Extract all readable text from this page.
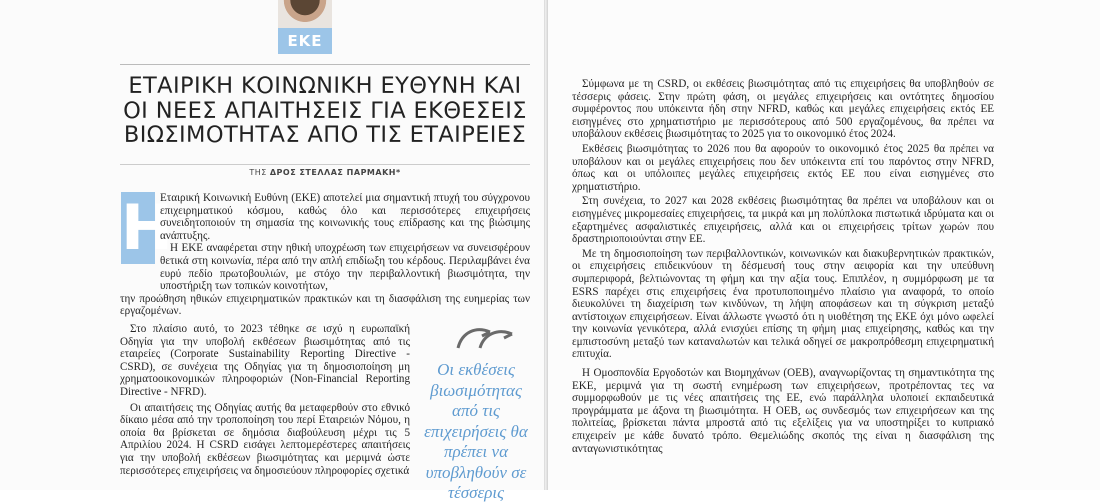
ΕΚΕ
ΕΤΑΙΡΙΚΗ ΚΟΙΝΩΝΙΚΗ ΕΥΘΥΝΗ ΚΑΙ ΟΙ ΝΕΕΣ ΑΠΑΙΤΗΣΕΙΣ ΓΙΑ ΕΚΘΕΣΕΙΣ ΒΙΩΣΙΜΟΤΗΤΑΣ ΑΠΟ ΤΙΣ ΕΤΑΙΡΕΙΕΣ
ΤΗΣ ΔΡΟΣ ΣΤΕΛΛΑΣ ΠΑΡΜΑΚΗ*
Η

Εταιρική Κοινωνική Ευθύνη (ΕΚΕ) αποτελεί μια σημαντική πτυχή του σύγχρονου επιχειρηματικού κόσμου, καθώς όλο και περισσότερες επιχειρήσεις συνειδητοποιούν τη σημασία της κοινωνικής τους επίδρασης και της βιώσιμης ανάπτυξης.

Η ΕΚΕ αναφέρεται στην ηθική υποχρέωση των επιχειρήσεων να συνεισφέρουν θετικά στη κοινωνία, πέρα από την απλή επιδίωξη του κέρδους. Περιλαμβάνει ένα ευρύ πεδίο πρωτοβουλιών, με στόχο την περιβαλλοντική βιωσιμότητα, την υποστήριξη των τοπικών κοινοτήτων,

την προώθηση ηθικών επιχειρηματικών πρακτικών και τη διασφάλιση της ευημερίας των εργαζομένων.

Στο πλαίσιο αυτό, το 2023 τέθηκε σε ισχύ η ευρωπαϊκή Οδηγία για την υποβολή εκθέσεων βιωσιμότητας από τις εταιρείες (Corporate Sustainability Reporting Directive - CSRD), σε συνέχεια της Οδηγίας για τη δημοσιοποίηση μη χρηματοοικονομικών πληροφοριών (Non-Financial Reporting Directive - NFRD).

Οι απαιτήσεις της Οδηγίας αυτής θα μεταφερθούν στο εθνικό δίκαιο μέσα από την τροποποίηση του περί Εταιρειών Νόμου, η οποία θα βρίσκεται σε δημόσια διαβούλευση μέχρι τις 5 Απριλίου 2024. Η CSRD εισάγει λεπτομερέστερες απαιτήσεις για την υποβολή εκθέσεων βιωσιμότητας και μεριμνά ώστε περισσότερες επιχειρήσεις να δημοσιεύουν πληροφορίες σχετικά

Οι εκθέσεις βιωσιμότητας από τις επιχειρήσεις θα πρέπει να υποβληθούν σε τέσσερις

Σύμφωνα με τη CSRD, οι εκθέσεις βιωσιμότητας από τις επιχειρήσεις θα υποβληθούν σε τέσσερις φάσεις. Στην πρώτη φάση, οι μεγάλες επιχειρήσεις και οντότητες δημοσίου συμφέροντος που υπόκειντα ήδη στην NFRD, καθώς και μεγάλες επιχειρήσεις εκτός ΕΕ εισηγμένες στο χρηματιστήριο με περισσότερους από 500 εργαζομένους, θα πρέπει να υποβάλουν εκθέσεις βιωσιμότητας το 2025 για το οικονομικό έτος 2024.

Εκθέσεις βιωσιμότητας το 2026 που θα αφορούν το οικονομικό έτος 2025 θα πρέπει να υποβάλουν και οι μεγάλες επιχειρήσεις που δεν υπόκειντα επί του παρόντος στην NFRD, όπως και οι υπόλοιπες μεγάλες επιχειρήσεις εκτός ΕΕ που είναι εισηγμένες στο χρηματιστήριο.

Στη συνέχεια, το 2027 και 2028 εκθέσεις βιωσιμότητας θα πρέπει να υποβάλουν και οι εισηγμένες μικρομεσαίες επιχειρήσεις, τα μικρά και μη πολύπλοκα πιστωτικά ιδρύματα και οι εξαρτημένες ασφαλιστικές επιχειρήσεις, αλλά και οι επιχειρήσεις τρίτων χωρών που δραστηριοποιούνται στην ΕΕ.

Με τη δημοσιοποίηση των περιβαλλοντικών, κοινωνικών και διακυβερνητικών πρακτικών, οι επιχειρήσεις επιδεικνύουν τη δέσμευσή τους στην αειφορία και την υπεύθυνη συμπεριφορά, βελτιώνοντας τη φήμη και την αξία τους. Επιπλέον, η συμμόρφωση με τα ESRS παρέχει στις επιχειρήσεις ένα προτυποποιημένο πλαίσιο για αναφορά, το οποίο διευκολύνει τη διαχείριση των κινδύνων, τη λήψη αποφάσεων και τη σύγκριση μεταξύ αντίστοιχων επιχειρήσεων. Είναι άλλωστε γνωστό ότι η υιοθέτηση της ΕΚΕ όχι μόνο ωφελεί την κοινωνία γενικότερα, αλλά ενισχύει επίσης τη φήμη μιας επιχείρησης, καθώς και την εμπιστοσύνη μεταξύ των καταναλωτών και τελικά οδηγεί σε μακροπρόθεσμη επιχειρηματική επιτυχία.

Η Ομοσπονδία Εργοδοτών και Βιομηχάνων (ΟΕΒ), αναγνωρίζοντας τη σημαντικότητα της ΕΚΕ, μεριμνά για τη σωστή ενημέρωση των επιχειρήσεων, προτρέποντας τες να συμμορφωθούν με τις νέες απαιτήσεις της ΕΕ, ενώ παράλληλα υλοποιεί εκπαιδευτικά προγράμματα με άξονα τη βιωσιμότητα. Η ΟΕΒ, ως συνδεσμός των επιχειρήσεων και της πολιτείας, βρίσκεται πάντα μπροστά από τις εξελίξεις για να υποστηρίξει το κυπριακό επιχειρείν με κάθε δυνατό τρόπο. Θεμελιώδης σκοπός της είναι η διασφάλιση της ανταγωνιστικότητας
